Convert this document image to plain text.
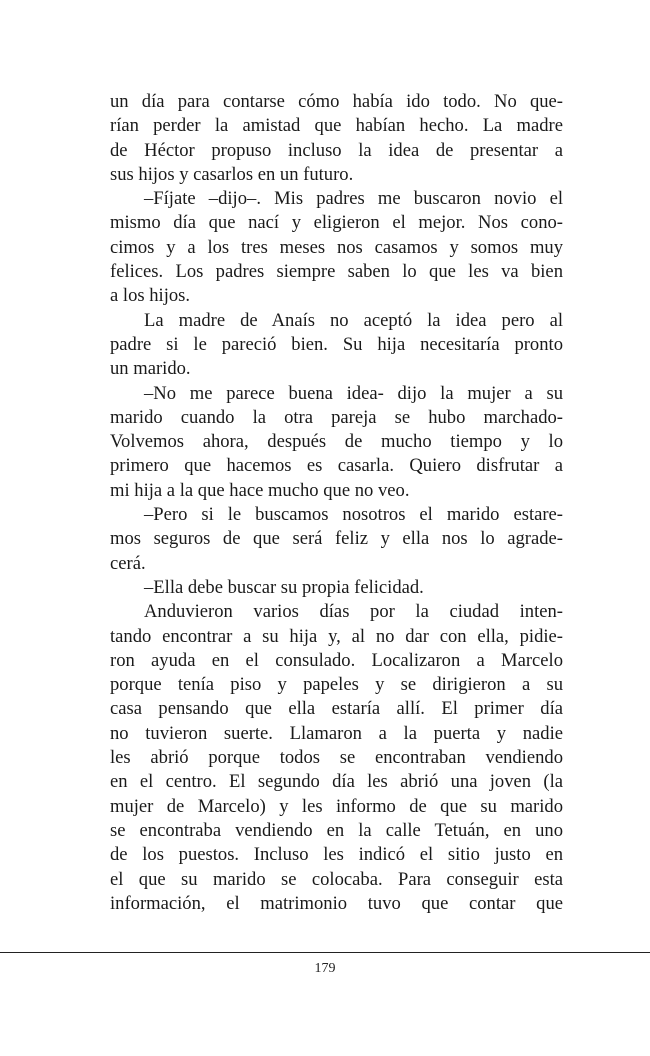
un día para contarse cómo había ido todo. No que-
rían perder la amistad que habían hecho. La madre
de Héctor propuso incluso la idea de presentar a
sus hijos y casarlos en un futuro.
–Fíjate –dijo–. Mis padres me buscaron novio el
mismo día que nací y eligieron el mejor. Nos cono-
cimos y a los tres meses nos casamos y somos muy
felices. Los padres siempre saben lo que les va bien
a los hijos.
La madre de Anaís no aceptó la idea pero al
padre si le pareció bien. Su hija necesitaría pronto
un marido.
–No me parece buena idea- dijo la mujer a su
marido cuando la otra pareja se hubo marchado-
Volvemos ahora, después de mucho tiempo y lo
primero que hacemos es casarla. Quiero disfrutar a
mi hija a la que hace mucho que no veo.
–Pero si le buscamos nosotros el marido estare-
mos seguros de que será feliz y ella nos lo agrade-
cerá.
–Ella debe buscar su propia felicidad.
Anduvieron varios días por la ciudad inten-
tando encontrar a su hija y, al no dar con ella, pidie-
ron ayuda en el consulado. Localizaron a Marcelo
porque tenía piso y papeles y se dirigieron a su
casa pensando que ella estaría allí. El primer día
no tuvieron suerte. Llamaron a la puerta y nadie
les abrió porque todos se encontraban vendiendo
en el centro. El segundo día les abrió una joven (la
mujer de Marcelo) y les informo de que su marido
se encontraba vendiendo en la calle Tetuán, en uno
de los puestos. Incluso les indicó el sitio justo en
el que su marido se colocaba. Para conseguir esta
información, el matrimonio tuvo que contar que
179
